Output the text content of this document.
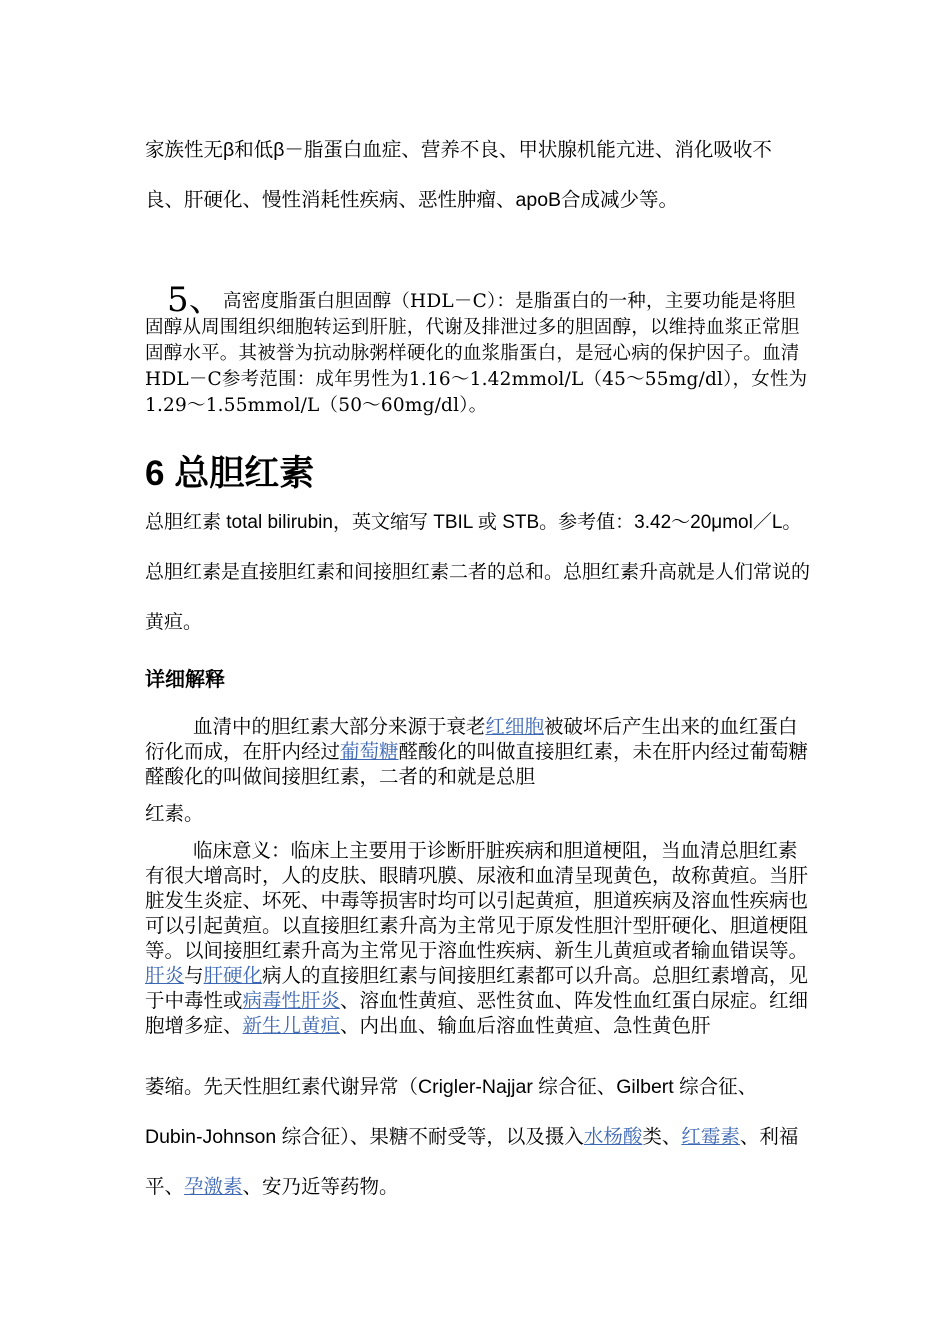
家族性无β和低β－脂蛋白血症、营养不良、甲状腺机能亢进、消化吸收不良、肝硬化、慢性消耗性疾病、恶性肿瘤、apoB合成减少等。

5、高密度脂蛋白胆固醇（HDL－C）：是脂蛋白的一种，主要功能是将胆固醇从周围组织细胞转运到肝脏，代谢及排泄过多的胆固醇，以维持血浆正常胆固醇水平。其被誉为抗动脉粥样硬化的血浆脂蛋白，是冠心病的保护因子。血清HDL－C参考范围：成年男性为1.16～1.42mmol/L（45～55mg/dl），女性为1.29～1.55mmol/L（50～60mg/dl）。

6 总胆红素

总胆红素 total bilirubin，英文缩写 TBIL 或 STB。参考值：3.42～20μmol／L。总胆红素是直接胆红素和间接胆红素二者的总和。总胆红素升高就是人们常说的黄疸。

详细解释

血清中的胆红素大部分来源于衰老红细胞被破坏后产生出来的血红蛋白衍化而成，在肝内经过葡萄糖醛酸化的叫做直接胆红素，未在肝内经过葡萄糖醛酸化的叫做间接胆红素，二者的和就是总胆
红素。

临床意义：临床上主要用于诊断肝脏疾病和胆道梗阻，当血清总胆红素有很大增高时，人的皮肤、眼睛巩膜、尿液和血清呈现黄色，故称黄疸。当肝脏发生炎症、坏死、中毒等损害时均可以引起黄疸，胆道疾病及溶血性疾病也可以引起黄疸。以直接胆红素升高为主常见于原发性胆汁型肝硬化、胆道梗阻等。以间接胆红素升高为主常见于溶血性疾病、新生儿黄疸或者输血错误等。肝炎与肝硬化病人的直接胆红素与间接胆红素都可以升高。总胆红素增高，见于中毒性或病毒性肝炎、溶血性黄疸、恶性贫血、阵发性血红蛋白尿症。红细胞增多症、新生儿黄疸、内出血、输血后溶血性黄疸、急性黄色肝

萎缩。先天性胆红素代谢异常（Crigler-Najjar 综合征、Gilbert 综合征、Dubin-Johnson 综合征）、果糖不耐受等，以及摄入水杨酸类、红霉素、利福平、孕激素、安乃近等药物。
